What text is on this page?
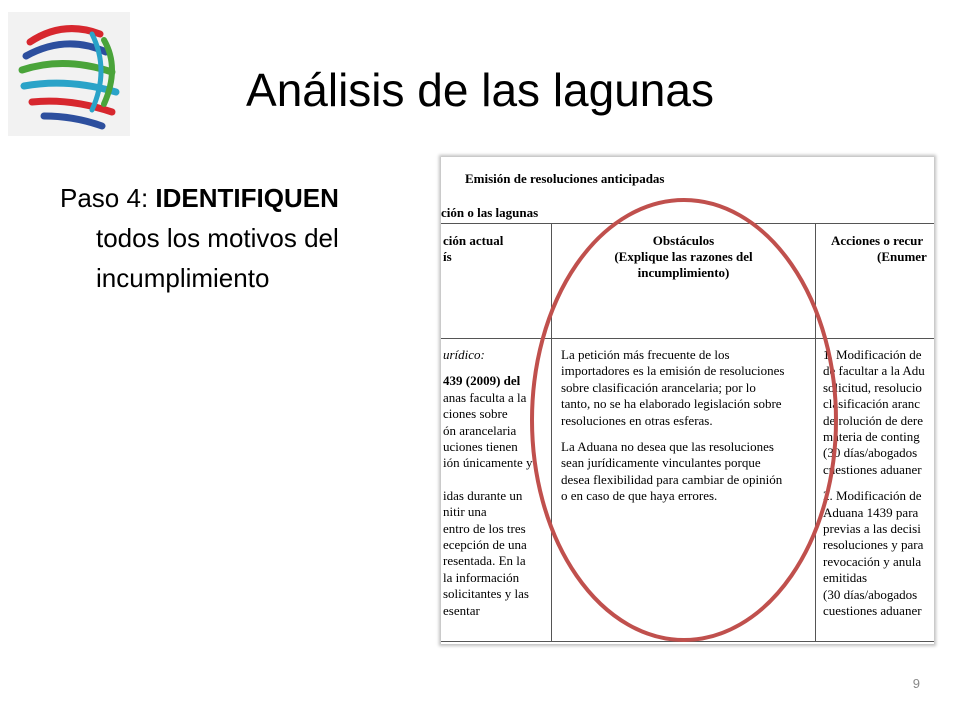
Análisis de las lagunas
Paso 4: IDENTIFIQUEN
todos los motivos del
incumplimiento
Emisión de resoluciones anticipadas
ción o las lagunas
ción actual
ís
Obstáculos
(Explique las razones del
incumplimiento)
Acciones o recur
(Enumer
urídico:
439 (2009) del
anas faculta a la
ciones sobre
ón arancelaria
uciones tienen
ión únicamente y
idas durante un
nitir una
entro de los tres
ecepción de una
resentada. En la
la información
solicitantes y las
esentar
La petición más frecuente de los
importadores es la emisión de resoluciones
sobre clasificación arancelaria; por lo
tanto, no se ha elaborado legislación sobre
resoluciones en otras esferas.
La Aduana no desea que las resoluciones
sean jurídicamente vinculantes porque
desea flexibilidad para cambiar de opinión
o en caso de que haya errores.
1. Modificación de
de facultar a la Adu
solicitud, resolucio
clasificación aranc
de rolución de dere
materia de conting
(30 días/abogados
cuestiones aduaner
2. Modificación de
Aduana 1439 para
previas a las decisi
resoluciones y para
revocación y anula
emitidas
(30 días/abogados
cuestiones aduaner
9
